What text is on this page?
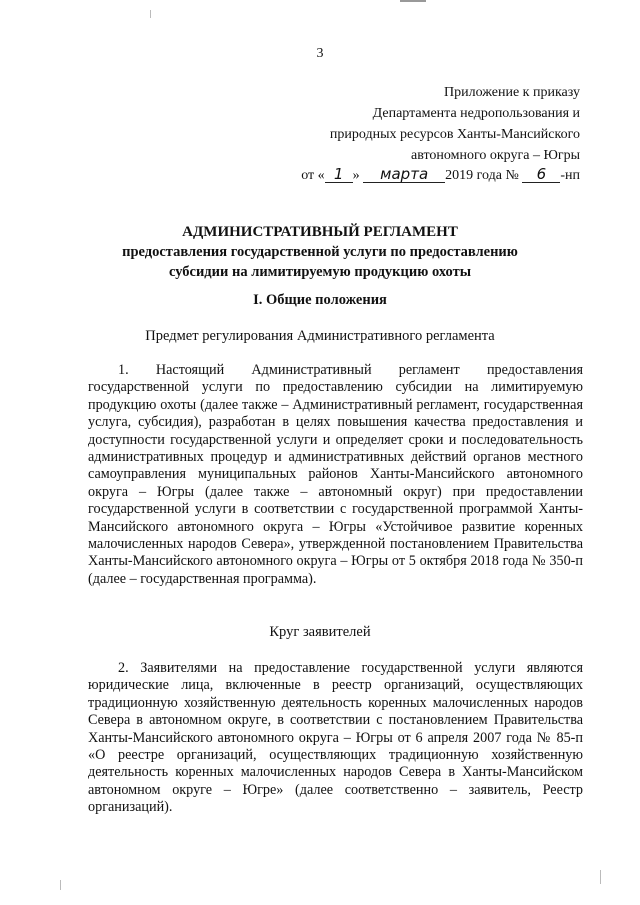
3
Приложение к приказу
Департамента недропользования и
природных ресурсов Ханты-Мансийского
автономного округа – Югры
от « 1 » марта 2019 года № 6 -нп
АДМИНИСТРАТИВНЫЙ РЕГЛАМЕНТ
предоставления государственной услуги по предоставлению
субсидии на лимитируемую продукцию охоты
I. Общие положения
Предмет регулирования Административного регламента

1. Настоящий Административный регламент предоставления государственной услуги по предоставлению субсидии на лимитируемую продукцию охоты (далее также – Административный регламент, государственная услуга, субсидия), разработан в целях повышения качества предоставления и доступности государственной услуги и определяет сроки и последовательность административных процедур и административных действий органов местного самоуправления муниципальных районов Ханты-Мансийского автономного округа – Югры (далее также – автономный округ) при предоставлении государственной услуги в соответствии с государственной программой Ханты-Мансийского автономного округа – Югры «Устойчивое развитие коренных малочисленных народов Севера», утвержденной постановлением Правительства Ханты-Мансийского автономного округа – Югры от 5 октября 2018 года № 350-п (далее – государственная программа).

Круг заявителей

2. Заявителями на предоставление государственной услуги являются юридические лица, включенные в реестр организаций, осуществляющих традиционную хозяйственную деятельность коренных малочисленных народов Севера в автономном округе, в соответствии с постановлением Правительства Ханты-Мансийского автономного округа – Югры от 6 апреля 2007 года № 85-п «О реестре организаций, осуществляющих традиционную хозяйственную деятельность коренных малочисленных народов Севера в Ханты-Мансийском автономном округе – Югре» (далее соответственно – заявитель, Реестр организаций).
